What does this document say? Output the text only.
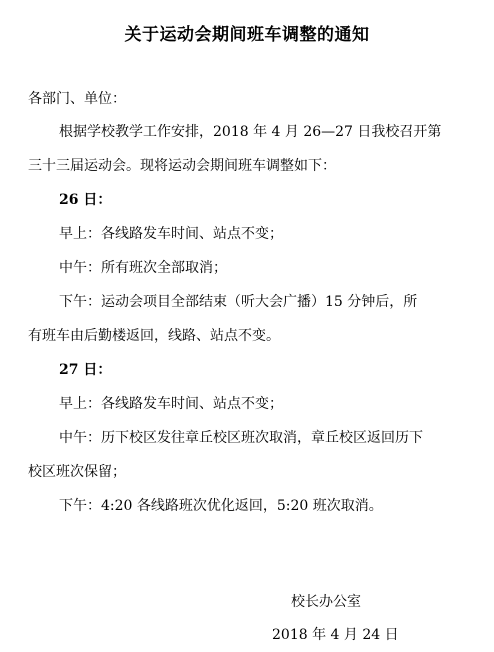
关于运动会期间班车调整的通知
各部门、单位：
根据学校教学工作安排，2018 年 4 月 26—27 日我校召开第
三十三届运动会。现将运动会期间班车调整如下：
26 日：
早上：各线路发车时间、站点不变；
中午：所有班次全部取消；
下午：运动会项目全部结束（听大会广播）15 分钟后，所
有班车由后勤楼返回，线路、站点不变。
27 日：
早上：各线路发车时间、站点不变；
中午：历下校区发往章丘校区班次取消，章丘校区返回历下
校区班次保留；
下午：4:20 各线路班次优化返回，5:20 班次取消。
校长办公室
2018 年 4 月 24 日
